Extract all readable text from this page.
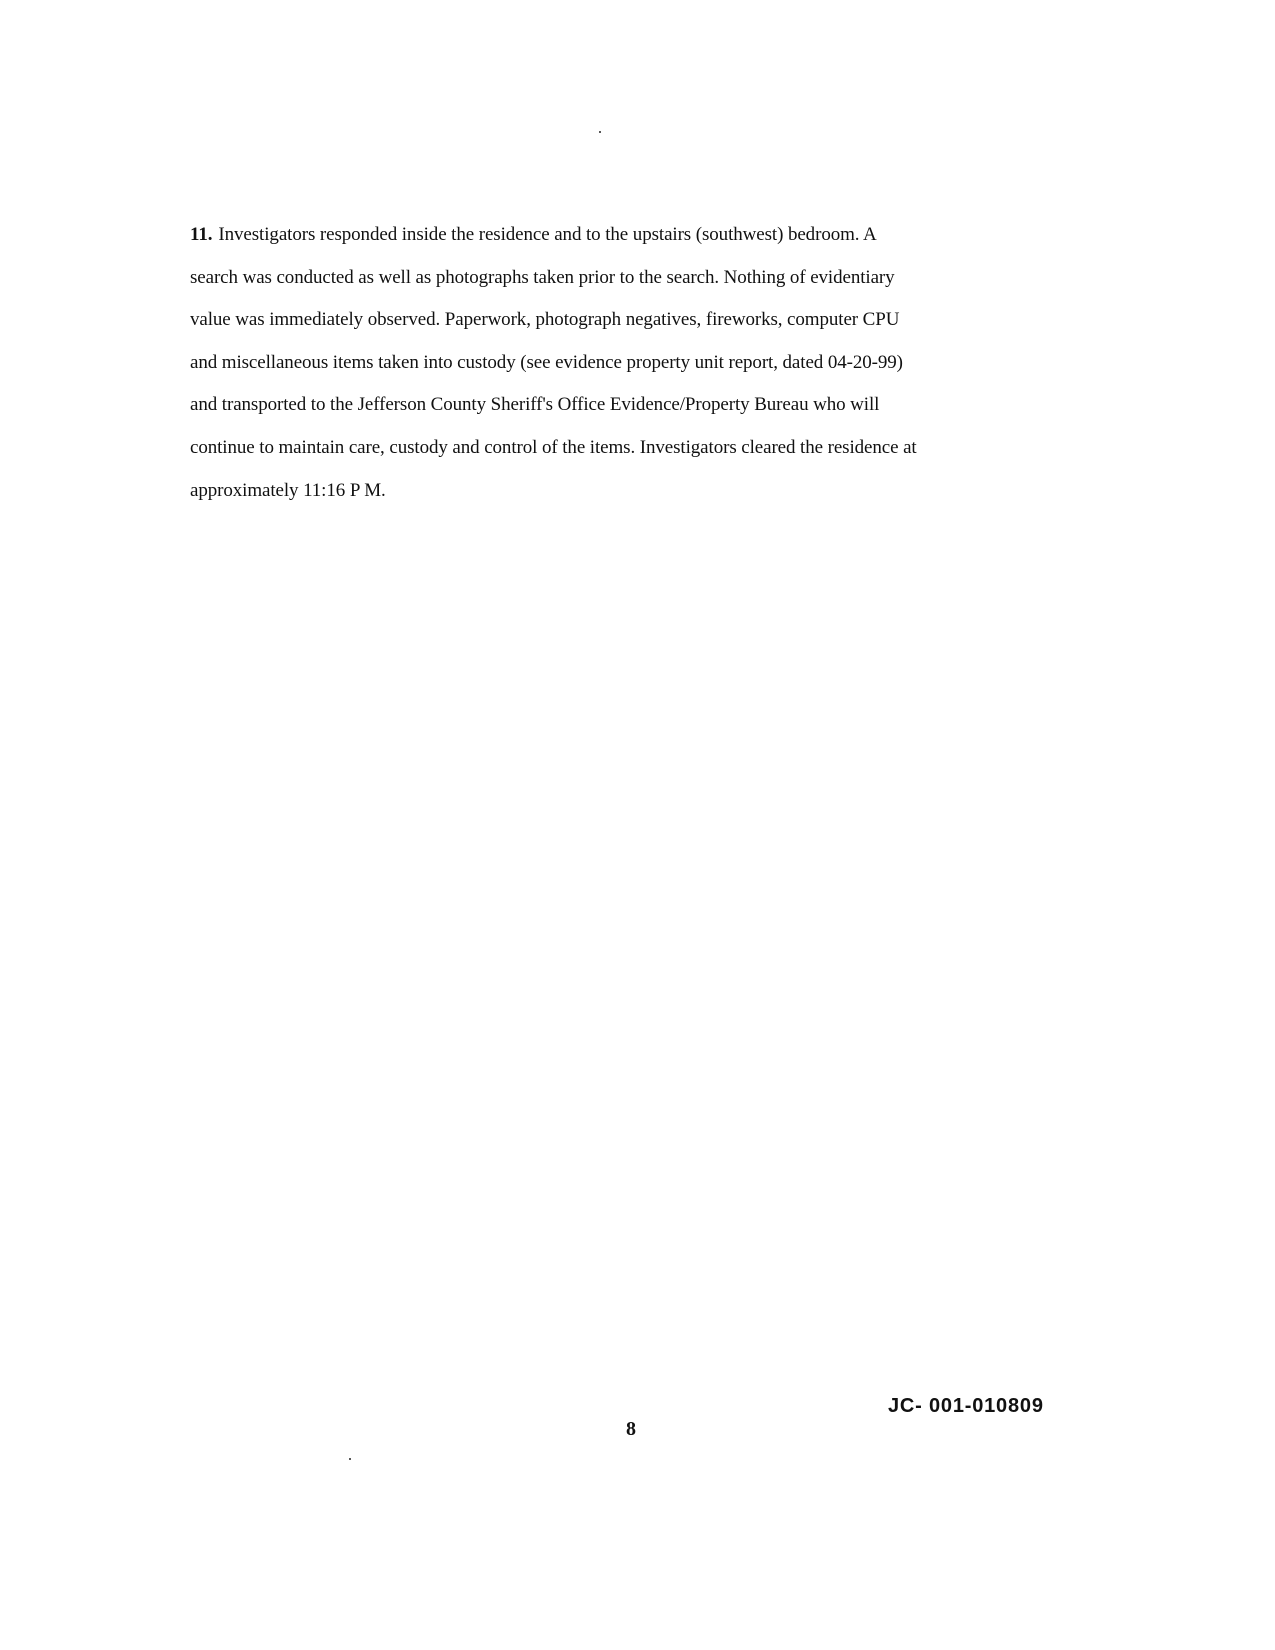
11. Investigators responded inside the residence and to the upstairs (southwest) bedroom. A
search was conducted as well as photographs taken prior to the search. Nothing of evidentiary
value was immediately observed. Paperwork, photograph negatives, fireworks, computer CPU
and miscellaneous items taken into custody (see evidence property unit report, dated 04-20-99)
and transported to the Jefferson County Sheriff's Office Evidence/Property Bureau who will
continue to maintain care, custody and control of the items. Investigators cleared the residence at
approximately 11:16 P M.
JC- 001-010809
8
